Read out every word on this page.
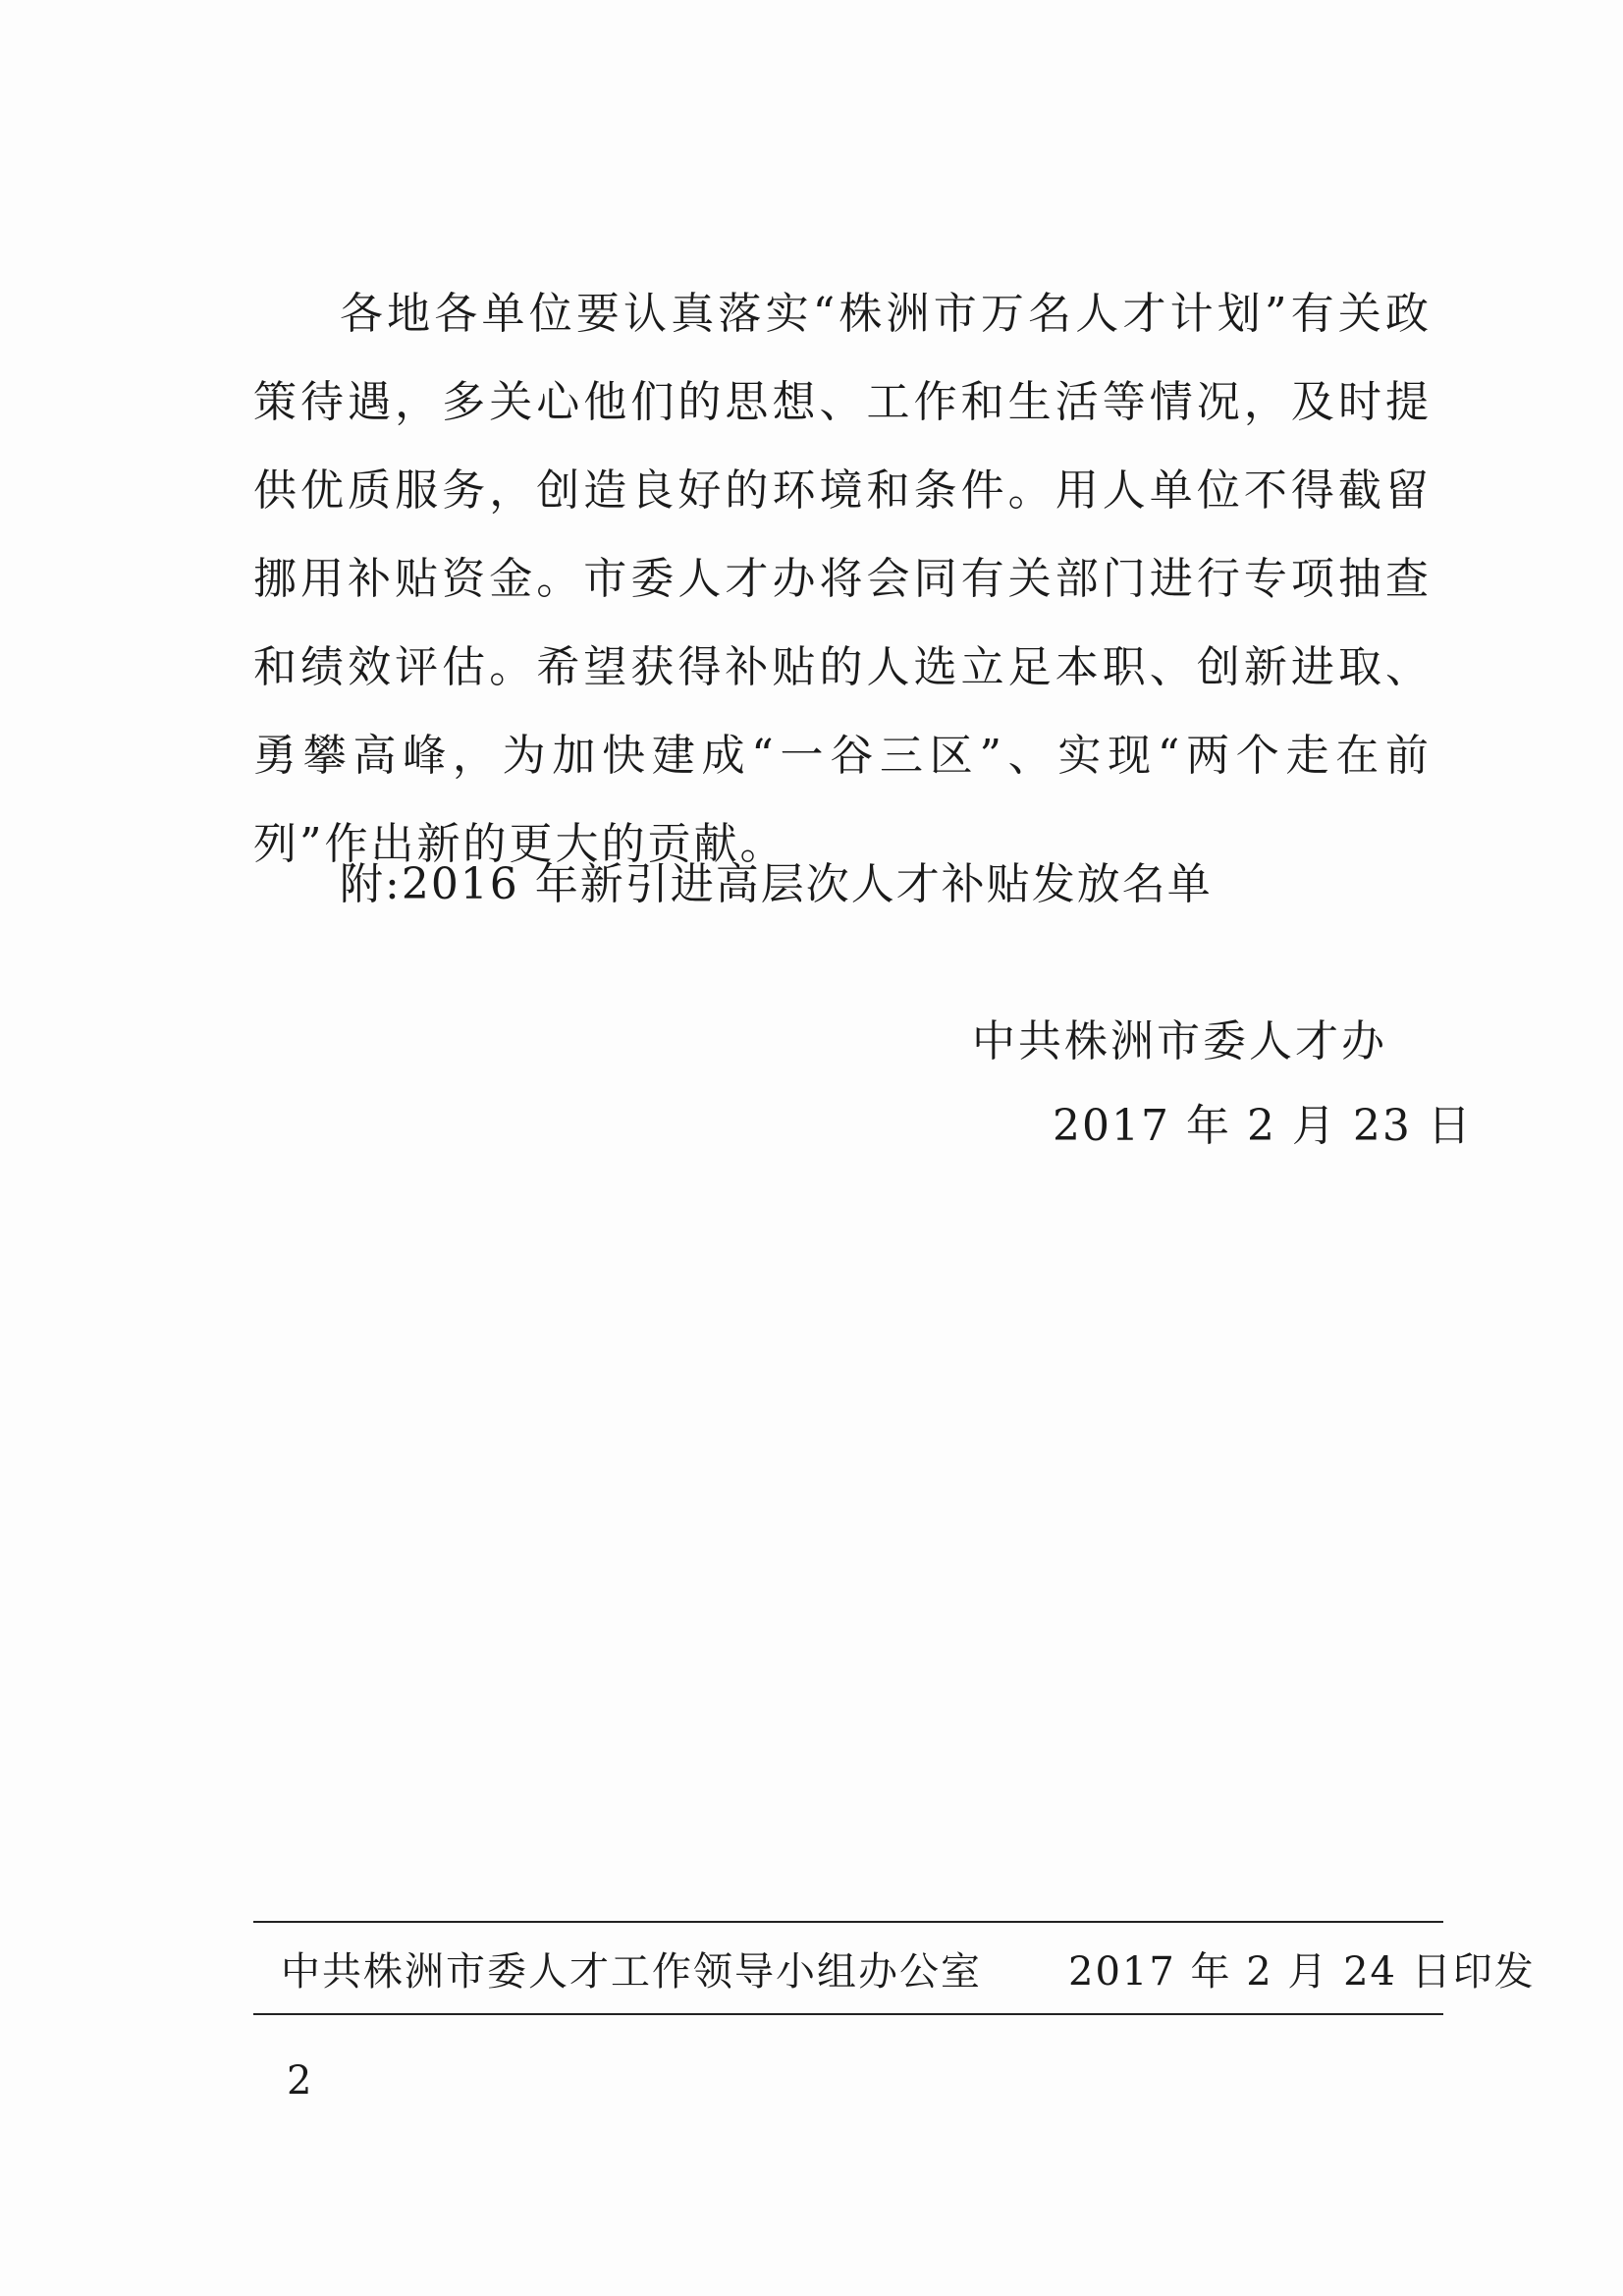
各地各单位要认真落实“株洲市万名人才计划”有关政策待遇，多关心他们的思想、工作和生活等情况，及时提供优质服务，创造良好的环境和条件。用人单位不得截留挪用补贴资金。市委人才办将会同有关部门进行专项抽查和绩效评估。希望获得补贴的人选立足本职、创新进取、勇攀高峰，为加快建成“一谷三区”、实现“两个走在前列”作出新的更大的贡献。

附:2016 年新引进高层次人才补贴发放名单

中共株洲市委人才办

2017 年 2 月 23 日

中共株洲市委人才工作领导小组办公室 2017 年 2 月 24 日印发

2
